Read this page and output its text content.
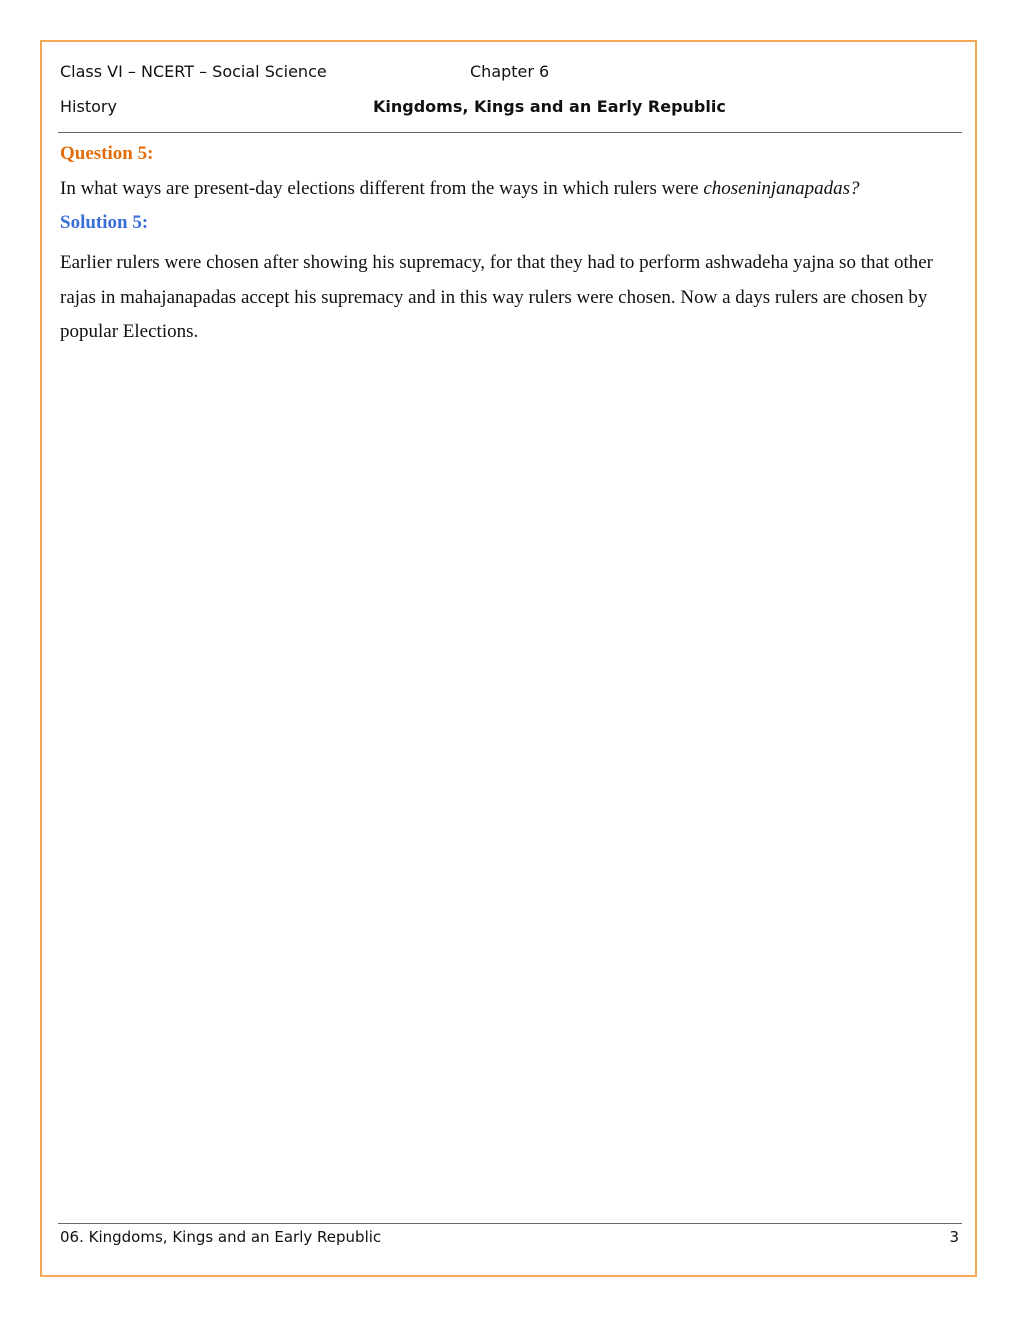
Class VI – NCERT – Social Science	Chapter 6
History	Kingdoms, Kings and an Early Republic
Question 5:
In what ways are present-day elections different from the ways in which rulers were choseninjanapadas?
Solution 5:
Earlier rulers were chosen after showing his supremacy, for that they had to perform ashwadeha yajna so that other rajas in mahajanapadas accept his supremacy and in this way rulers were chosen. Now a days rulers are chosen by popular Elections.
06. Kingdoms, Kings and an Early Republic	3
